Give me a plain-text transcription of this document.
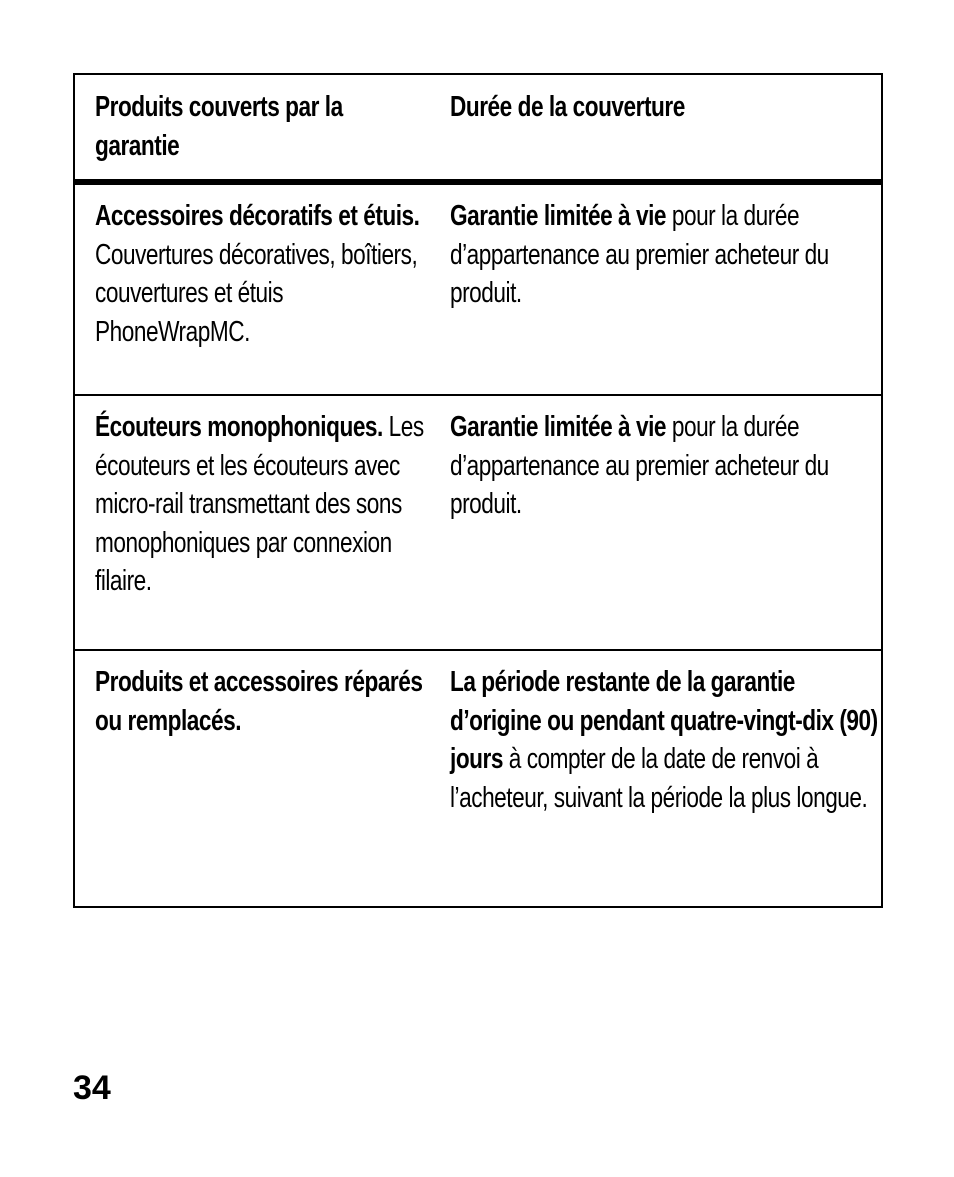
Produits couverts par la garantie
Durée de la couverture
Accessoires décoratifs et étuis. Couvertures décoratives, boîtiers, couvertures et étuis PhoneWrapMC.
Garantie limitée à vie pour la durée d’appartenance au premier acheteur du produit.
Écouteurs monophoniques. Les écouteurs et les écouteurs avec micro-rail transmettant des sons monophoniques par connexion filaire.
Garantie limitée à vie pour la durée d’appartenance au premier acheteur du produit.
Produits et accessoires réparés ou remplacés.
La période restante de la garantie d’origine ou pendant quatre-vingt-dix (90) jours à compter de la date de renvoi à l’acheteur, suivant la période la plus longue.
34
